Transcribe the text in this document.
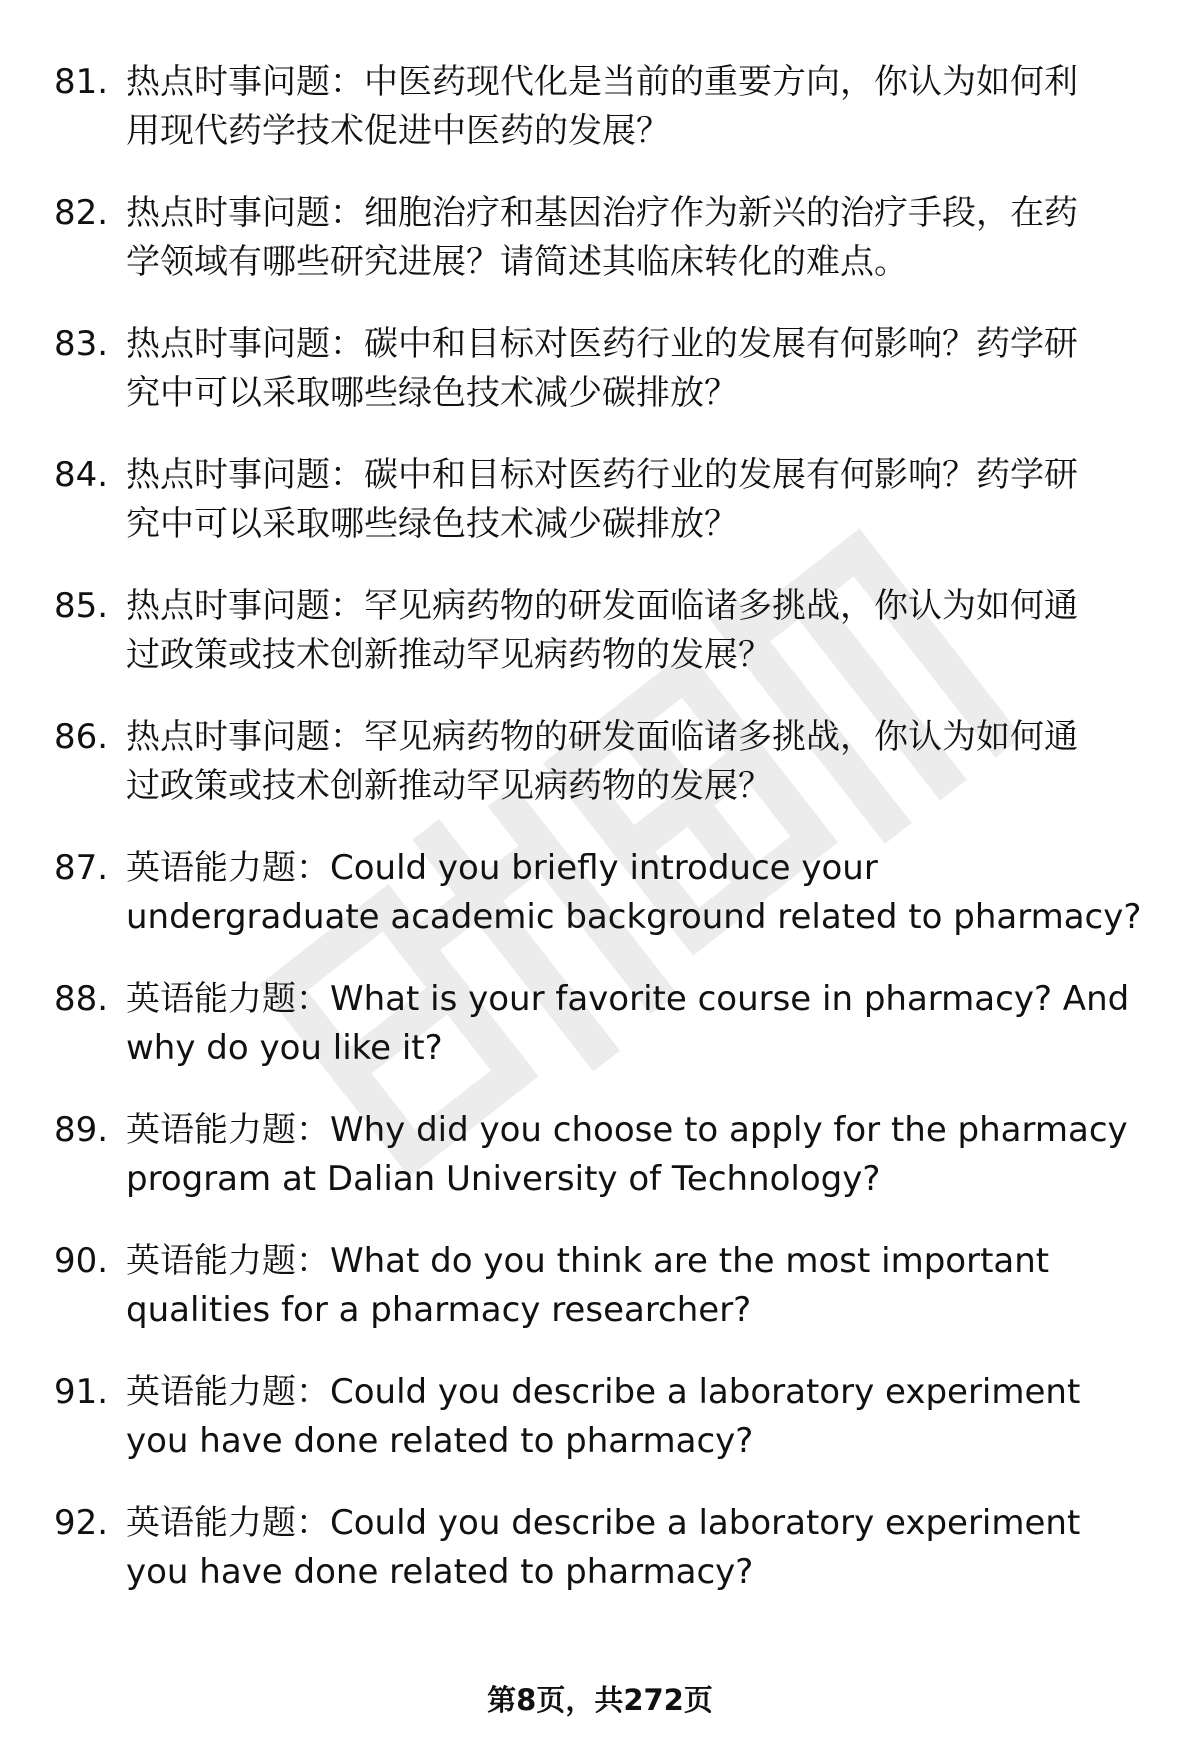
81. 热点时事问题：中医药现代化是当前的重要方向，你认为如何利
用现代药学技术促进中医药的发展？
82. 热点时事问题：细胞治疗和基因治疗作为新兴的治疗手段，在药
学领域有哪些研究进展？请简述其临床转化的难点。
83. 热点时事问题：碳中和目标对医药行业的发展有何影响？药学研
究中可以采取哪些绿色技术减少碳排放？
84. 热点时事问题：碳中和目标对医药行业的发展有何影响？药学研
究中可以采取哪些绿色技术减少碳排放？
85. 热点时事问题：罕见病药物的研发面临诸多挑战，你认为如何通
过政策或技术创新推动罕见病药物的发展？
86. 热点时事问题：罕见病药物的研发面临诸多挑战，你认为如何通
过政策或技术创新推动罕见病药物的发展？
87. 英语能力题：Could you briefly introduce your
undergraduate academic background related to pharmacy?
88. 英语能力题：What is your favorite course in pharmacy? And
why do you like it?
89. 英语能力题：Why did you choose to apply for the pharmacy
program at Dalian University of Technology?
90. 英语能力题：What do you think are the most important
qualities for a pharmacy researcher?
91. 英语能力题：Could you describe a laboratory experiment
you have done related to pharmacy?
92. 英语能力题：Could you describe a laboratory experiment
you have done related to pharmacy?
第8页，共272页
